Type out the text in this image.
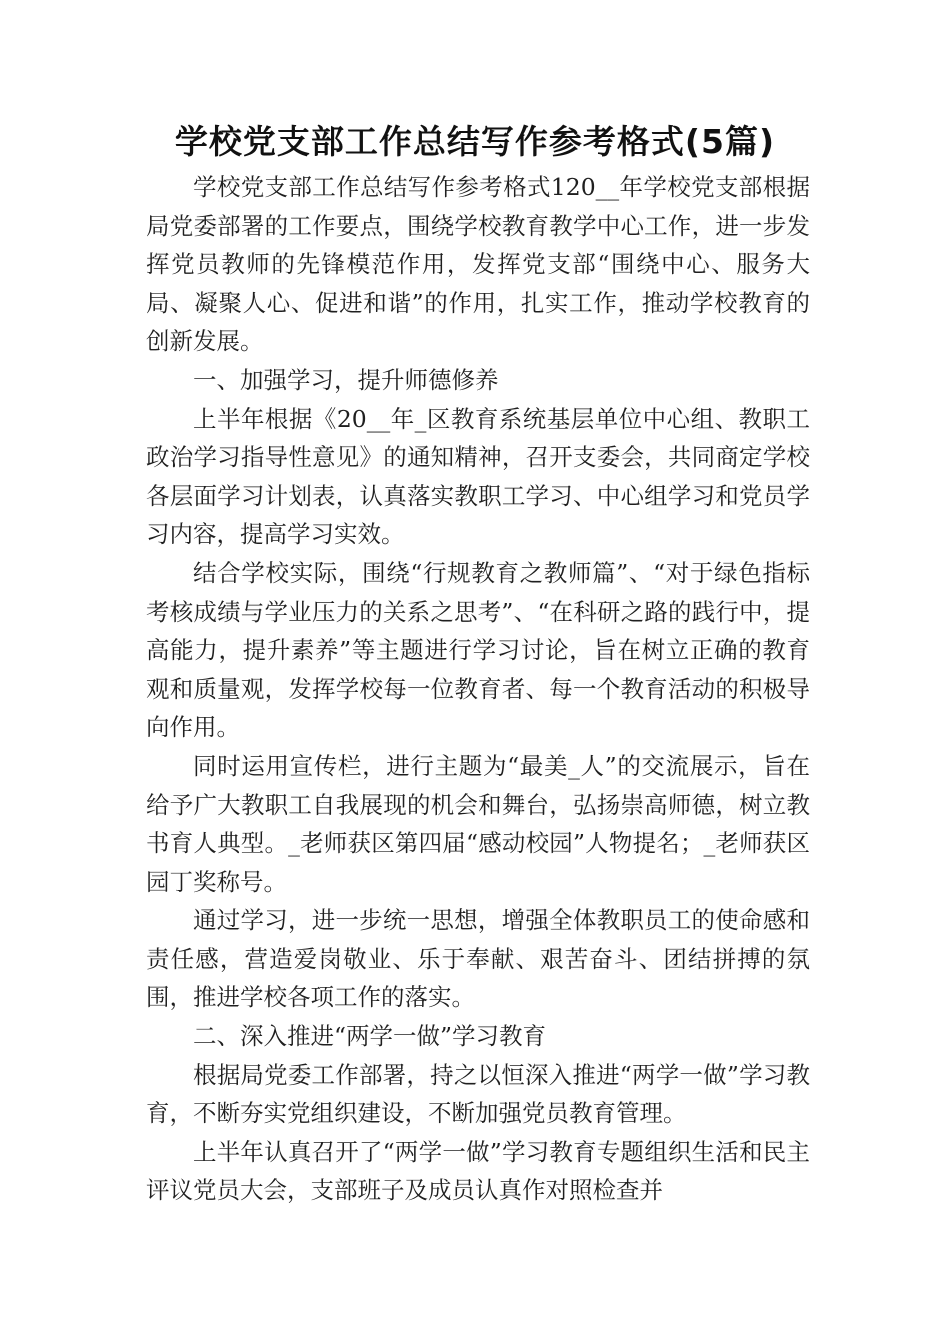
学校党支部工作总结写作参考格式(5篇)

学校党支部工作总结写作参考格式120__年学校党支部根据局党委部署的工作要点，围绕学校教育教学中心工作，进一步发挥党员教师的先锋模范作用，发挥党支部“围绕中心、服务大局、凝聚人心、促进和谐”的作用，扎实工作，推动学校教育的创新发展。

一、加强学习，提升师德修养

上半年根据《20__年_区教育系统基层单位中心组、教职工政治学习指导性意见》的通知精神，召开支委会，共同商定学校各层面学习计划表，认真落实教职工学习、中心组学习和党员学习内容，提高学习实效。

结合学校实际，围绕“行规教育之教师篇”、“对于绿色指标考核成绩与学业压力的关系之思考”、“在科研之路的践行中，提高能力，提升素养”等主题进行学习讨论，旨在树立正确的教育观和质量观，发挥学校每一位教育者、每一个教育活动的积极导向作用。

同时运用宣传栏，进行主题为“最美_人”的交流展示，旨在给予广大教职工自我展现的机会和舞台，弘扬崇高师德，树立教书育人典型。_老师获区第四届“感动校园”人物提名；_老师获区园丁奖称号。

通过学习，进一步统一思想，增强全体教职员工的使命感和责任感，营造爱岗敬业、乐于奉献、艰苦奋斗、团结拼搏的氛围，推进学校各项工作的落实。

二、深入推进“两学一做”学习教育

根据局党委工作部署，持之以恒深入推进“两学一做”学习教育，不断夯实党组织建设，不断加强党员教育管理。

上半年认真召开了“两学一做”学习教育专题组织生活和民主评议党员大会，支部班子及成员认真作对照检查并
